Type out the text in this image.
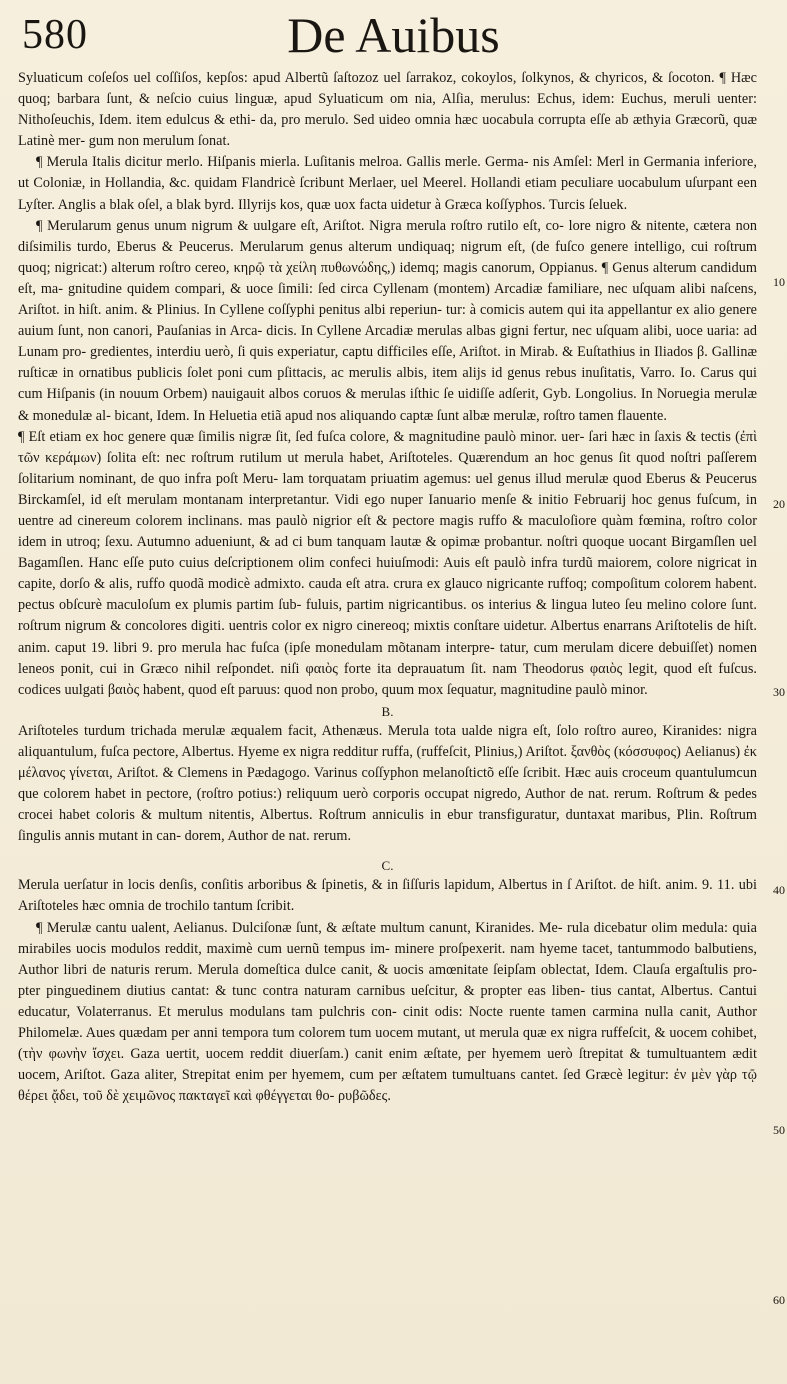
580	De Auibus

Syluaticum coſeſos uel coſſiſos, kepſos: apud Albertũ ſaſtozoz uel ſarrakoz, cokoylos, ſolkynos, & chyricos, & ſocoton. ¶ Hæc quoq; barbara ſunt, & neſcio cuius linguæ, apud Syluaticum om nia, Alſia, merulus: Echus, idem: Euchus, meruli uenter: Nithoſeuchis, Idem. item edulcus & ethi‑ da, pro merulo. Sed uideo omnia hæc uocabula corrupta eſſe ab æthyia Græcorũ, quæ Latinè mer‑ gum non merulum ſonat.

¶ Merula Italis dicitur merlo. Hiſpanis mierla. Luſitanis melroa. Gallis merle. Germa‑ nis Amſel: Merl in Germania inferiore, ut Coloniæ, in Hollandia, &c. quidam Flandricè ſcribunt Merlaer, uel Meerel. Hollandi etiam peculiare uocabulum uſurpant een Lyſter. Anglis a blak oſel, a blak byrd. Illyrijs kos, quæ uox facta uidetur à Græca koſſyphos. Turcis ſeluek.

¶ Merularum genus unum nigrum & uulgare eſt, Ariſtot. Nigra merula roſtro rutilo eſt, co‑ lore nigro & nitente, cætera non diſsimilis turdo, Eberus & Peucerus. Merularum genus alterum undiquaq; nigrum eſt, (de fuſco genere intelligo, cui roſtrum quoq; nigricat:) alterum roſtro cereo, κηρῷ τὰ χείλη πυθωνώδης,) idemq; magis canorum, Oppianus. ¶ Genus alterum candidum eſt, ma‑ gnitudine quidem compari, & uoce ſimili: ſed circa Cyllenam (montem) Arcadiæ familiare, nec uſquam alibi naſcens, Ariſtot. in hiſt. anim. & Plinius. In Cyllene coſſyphi penitus albi reperiun‑ tur: à comicis autem qui ita appellantur ex alio genere auium ſunt, non canori, Pauſanias in Arca‑ dicis. In Cyllene Arcadiæ merulas albas gigni fertur, nec uſquam alibi, uoce uaria: ad Lunam pro‑ gredientes, interdiu uerò, ſi quis experiatur, captu difficiles eſſe, Ariſtot. in Mirab. & Euſtathius in Iliados β. Gallinæ ruſticæ in ornatibus publicis ſolet poni cum pſittacis, ac merulis albis, item alijs id genus rebus inuſitatis, Varro. Io. Carus qui cum Hiſpanis (in nouum Orbem) nauigauit albos coruos & merulas iſthic ſe uidiſſe adſerit, Gyb. Longolius. In Noruegia merulæ & monedulæ al‑ bicant, Idem. In Heluetia etiã apud nos aliquando captæ ſunt albæ merulæ, roſtro tamen flauente.

¶ Eſt etiam ex hoc genere quæ ſimilis nigræ ſit, ſed fuſca colore, & magnitudine paulò minor. uer‑ ſari hæc in ſaxis & tectis (ἐπὶ τῶν κεράμων) ſolita eſt: nec roſtrum rutilum ut merula habet, Ariſtoteles. Quærendum an hoc genus ſit quod noſtri paſſerem ſolitarium nominant, de quo infra poſt Meru‑ lam torquatam priuatim agemus: uel genus illud merulæ quod Eberus & Peucerus Birckamſel, id eſt merulam montanam interpretantur. Vidi ego nuper Ianuario menſe & initio Februarij hoc genus fuſcum, in uentre ad cinereum colorem inclinans. mas paulò nigrior eſt & pectore magis ruffo & maculoſiore quàm fœmina, roſtro color idem in utroq; ſexu. Autumno adueniunt, & ad ci bum tanquam lautæ & opimæ probantur. noſtri quoque uocant Birgamſlen uel Bagamſlen. Hanc eſſe puto cuius deſcriptionem olim confeci huiuſmodi: Auis eſt paulò infra turdũ maiorem, colore nigricat in capite, dorſo & alis, ruffo quodã modicè admixto. cauda eſt atra. crura ex glauco nigricante ruffoq; compoſitum colorem habent. pectus obſcurè maculoſum ex plumis partim ſub‑ fuluis, partim nigricantibus. os interius & lingua luteo ſeu melino colore ſunt. roſtrum nigrum & concolores digiti. uentris color ex nigro cinereoq; mixtis conſtare uidetur. Albertus enarrans Ariſtotelis de hiſt. anim. caput 19. libri 9. pro merula hac fuſca (ipſe monedulam mõtanam interpre‑ tatur, cum merulam dicere debuiſſet) nomen leneos ponit, cui in Græco nihil reſpondet. niſi φαιὸς forte ita deprauatum ſit. nam Theodorus φαιὸς legit, quod eſt fuſcus. codices uulgati βαιὸς habent, quod eſt paruus: quod non probo, quum mox ſequatur, magnitudine paulò minor.

B.

Ariſtoteles turdum trichada merulæ æqualem facit, Athenæus. Merula tota ualde nigra eſt, ſolo roſtro aureo, Kiranides: nigra aliquantulum, fuſca pectore, Albertus. Hyeme ex nigra redditur ruffa, (ruffeſcit, Plinius,) Ariſtot. ξανθὸς (κόσσυφος) Aelianus) ἐκ μέλανος γίνεται, Ariſtot. & Clemens in Pædagogo. Varinus coſſyphon melanoſtictõ eſſe ſcribit. Hæc auis croceum quantulumcun que colorem habet in pectore, (roſtro potius:) reliquum uerò corporis occupat nigredo, Author de nat. rerum. Roſtrum & pedes crocei habet coloris & multum nitentis, Albertus. Roſtrum anniculis in ebur transfiguratur, duntaxat maribus, Plin. Roſtrum ſingulis annis mutant in can‑ dorem, Author de nat. rerum.

C.

Merula uerſatur in locis denſis, conſitis arboribus & ſpinetis, & in ſiſſuris lapidum, Albertus in ſ Ariſtot. de hiſt. anim. 9. 11. ubi Ariſtoteles hæc omnia de trochilo tantum ſcribit.

¶ Merulæ cantu ualent, Aelianus. Dulciſonæ ſunt, & æſtate multum canunt, Kiranides. Me‑ rula dicebatur olim medula: quia mirabiles uocis modulos reddit, maximè cum uernũ tempus im‑ minere proſpexerit. nam hyeme tacet, tantummodo balbutiens, Author libri de naturis rerum. Merula domeſtica dulce canit, & uocis amœnitate ſeipſam oblectat, Idem. Clauſa ergaſtulis pro‑ pter pinguedinem diutius cantat: & tunc contra naturam carnibus ueſcitur, & propter eas liben‑ tius cantat, Albertus. Cantui educatur, Volaterranus. Et merulus modulans tam pulchris con‑ cinit odis: Nocte ruente tamen carmina nulla canit, Author Philomelæ. Aues quædam per anni tempora tum colorem tum uocem mutant, ut merula quæ ex nigra ruffeſcit, & uocem cohibet, (τὴν φωνὴν ἴσχει. Gaza uertit, uocem reddit diuerſam.) canit enim æſtate, per hyemem uerò ſtrepitat & tumultuantem ædit uocem, Ariſtot. Gaza aliter, Strepitat enim per hyemem, cum per æſtatem tumultuans cantet. ſed Græcè legitur: ἐν μὲν γὰρ τῷ θέρει ᾄδει, τοῦ δὲ χειμῶνος πακταγεῖ καὶ φθέγγεται θο‑ ρυβῶδες.

10
20
30
40
50
60
